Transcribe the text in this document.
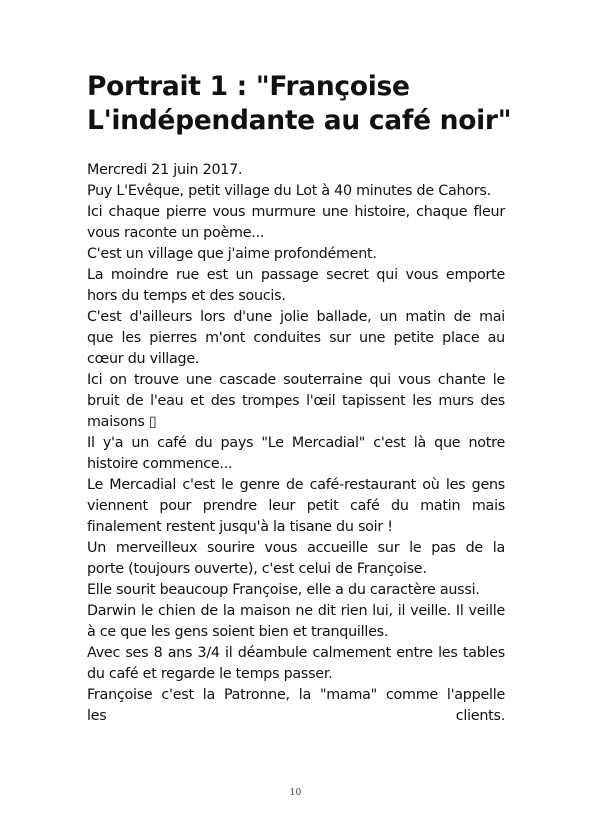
Portrait 1 : "Françoise
L'indépendante au café noir"
Mercredi 21 juin 2017.
Puy L'Evêque, petit village du Lot à 40 minutes de Cahors.
Ici chaque pierre vous murmure une histoire, chaque fleur
vous raconte un poème...
C'est un village que j'aime profondément.
La moindre rue est un passage secret qui vous emporte
hors du temps et des soucis.
C'est d'ailleurs lors d'une jolie ballade, un matin de mai
que les pierres m'ont conduites sur une petite place au
cœur du village.
Ici on trouve une cascade souterraine qui vous chante le
bruit de l'eau et des trompes l'œil tapissent les murs des
maisons ▯
Il y'a un café du pays "Le Mercadial" c'est là que notre
histoire commence...
Le Mercadial c'est le genre de café-restaurant où les gens
viennent pour prendre leur petit café du matin mais
finalement restent jusqu'à la tisane du soir !
Un merveilleux sourire vous accueille sur le pas de la
porte (toujours ouverte), c'est celui de Françoise.
Elle sourit beaucoup Françoise, elle a du caractère aussi.
Darwin le chien de la maison ne dit rien lui, il veille. Il veille
à ce que les gens soient bien et tranquilles.
Avec ses 8 ans 3/4 il déambule calmement entre les tables
du café et regarde le temps passer.
Françoise c'est la Patronne, la "mama" comme l'appelle
les clients.
10
